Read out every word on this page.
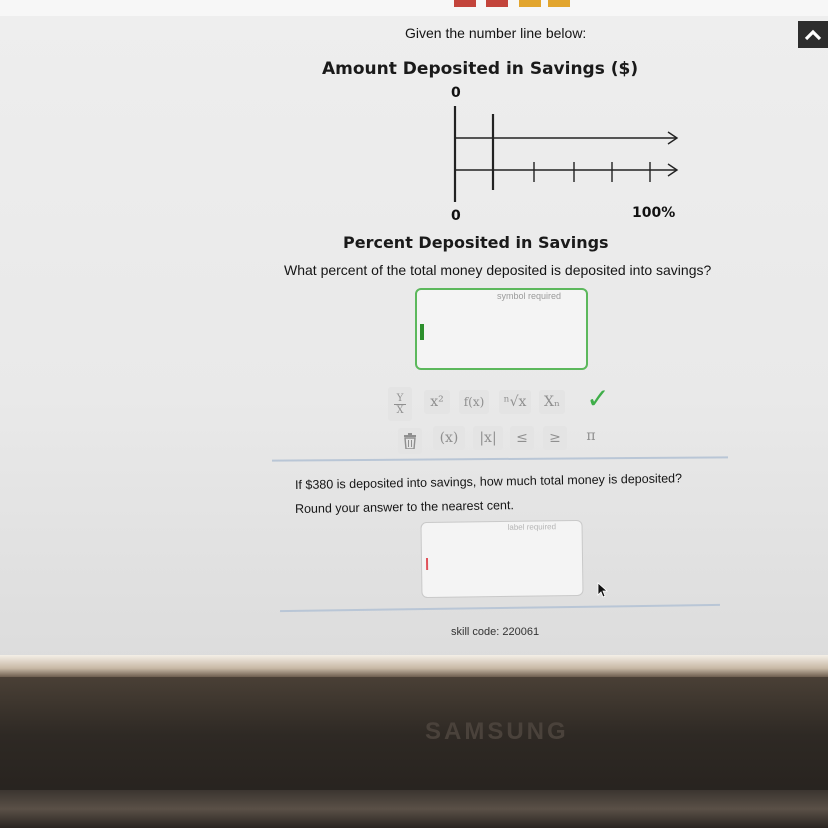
Given the number line below:
Amount Deposited in Savings ($)
0
0	100%
Percent Deposited in Savings
What percent of the total money deposited is deposited into savings?
symbol required
Y
X	x²	f(x)	ⁿ√x	Xₙ ✓
(x)	|x|	≤	≥	π
If $380 is deposited into savings, how much total money is deposited?
Round your answer to the nearest cent.
label required
skill code: 220061
SAMSUNG
